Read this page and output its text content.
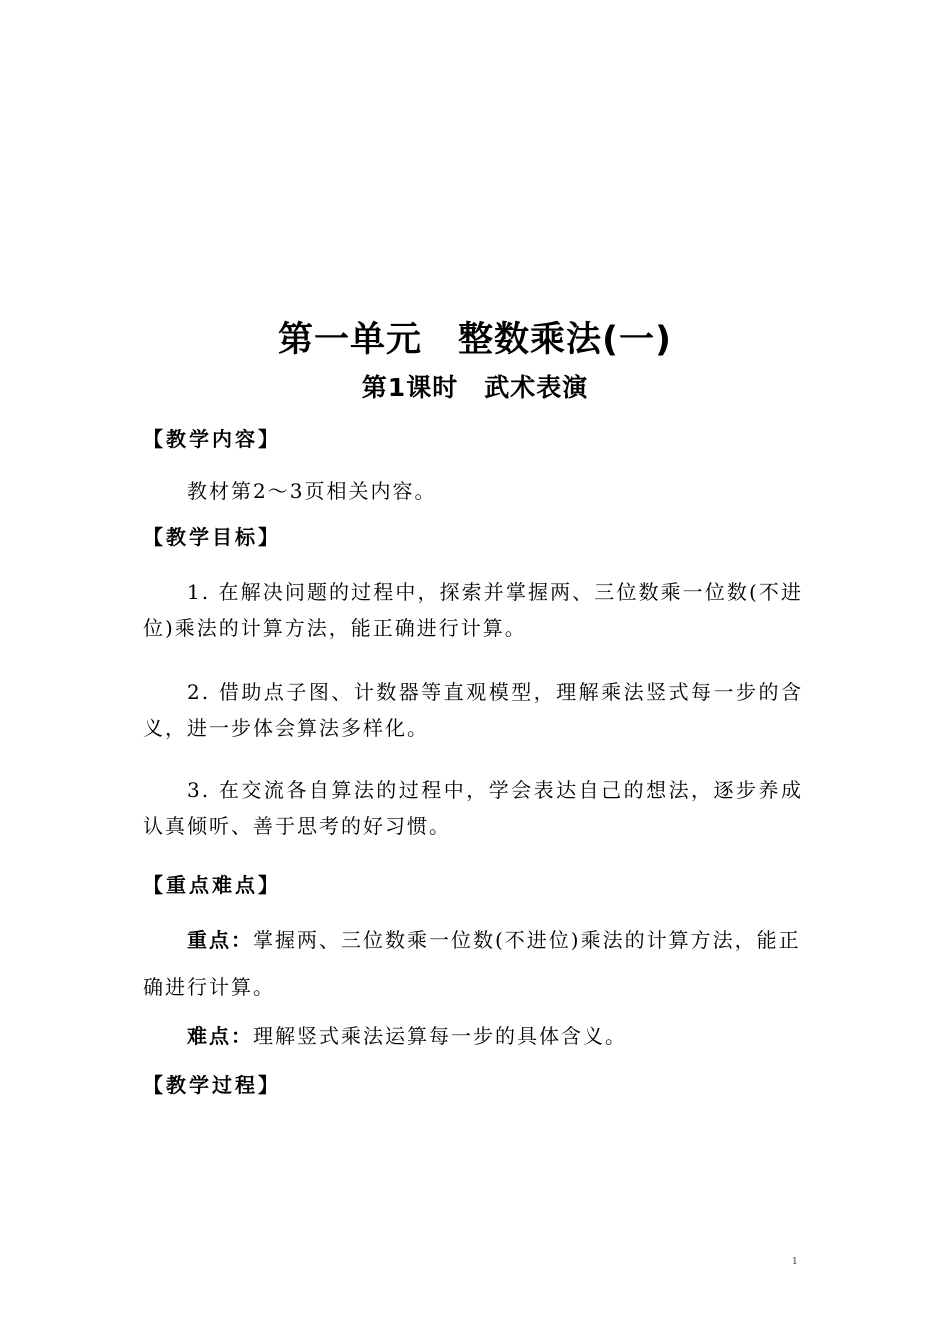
第一单元　整数乘法(一)
第1课时　武术表演
【教学内容】
教材第2～3页相关内容。
【教学目标】
1. 在解决问题的过程中，探索并掌握两、三位数乘一位数(不进位)乘法的计算方法，能正确进行计算。
2. 借助点子图、计数器等直观模型，理解乘法竖式每一步的含义，进一步体会算法多样化。
3. 在交流各自算法的过程中，学会表达自己的想法，逐步养成认真倾听、善于思考的好习惯。
【重点难点】
重点：掌握两、三位数乘一位数(不进位)乘法的计算方法，能正
确进行计算。
难点：理解竖式乘法运算每一步的具体含义。
【教学过程】
1
